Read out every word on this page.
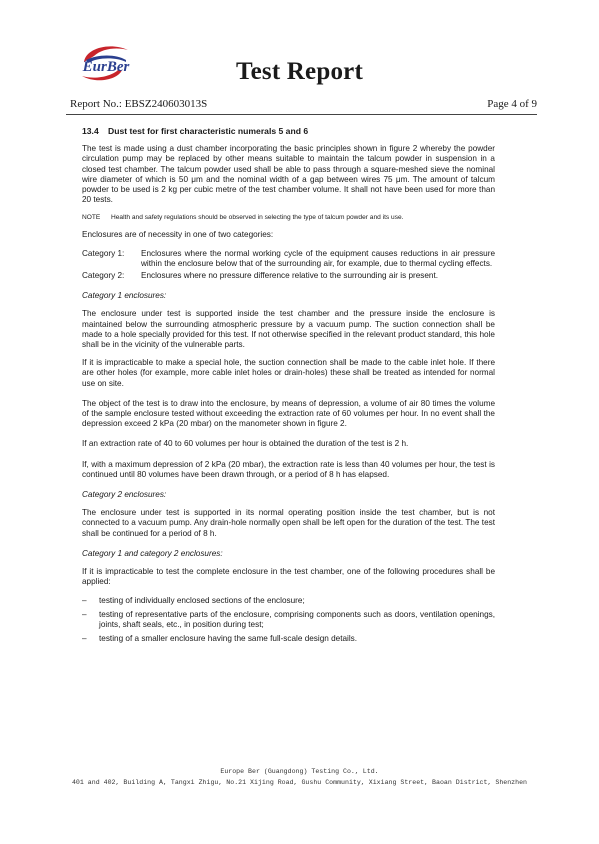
EurBer	Test Report
Report No.: EBSZ240603013S	Page 4 of 9
13.4 Dust test for first characteristic numerals 5 and 6

The test is made using a dust chamber incorporating the basic principles shown in figure 2 whereby the powder circulation pump may be replaced by other means suitable to maintain the talcum powder in suspension in a closed test chamber. The talcum powder used shall be able to pass through a square-meshed sieve the nominal wire diameter of which is 50 μm and the nominal width of a gap between wires 75 μm. The amount of talcum powder to be used is 2 kg per cubic metre of the test chamber volume. It shall not have been used for more than 20 tests.

NOTE Health and safety regulations should be observed in selecting the type of talcum powder and its use.

Enclosures are of necessity in one of two categories:

Category 1:	Enclosures where the normal working cycle of the equipment causes reductions in air pressure within the enclosure below that of the surrounding air, for example, due to thermal cycling effects.
Category 2:	Enclosures where no pressure difference relative to the surrounding air is present.
Category 1 enclosures:

The enclosure under test is supported inside the test chamber and the pressure inside the enclosure is maintained below the surrounding atmospheric pressure by a vacuum pump. The suction connection shall be made to a hole specially provided for this test. If not otherwise specified in the relevant product standard, this hole shall be in the vicinity of the vulnerable parts.

If it is impracticable to make a special hole, the suction connection shall be made to the cable inlet hole. If there are other holes (for example, more cable inlet holes or drain-holes) these shall be treated as intended for normal use on site.

The object of the test is to draw into the enclosure, by means of depression, a volume of air 80 times the volume of the sample enclosure tested without exceeding the extraction rate of 60 volumes per hour. In no event shall the depression exceed 2 kPa (20 mbar) on the manometer shown in figure 2.

If an extraction rate of 40 to 60 volumes per hour is obtained the duration of the test is 2 h.

If, with a maximum depression of 2 kPa (20 mbar), the extraction rate is less than 40 volumes per hour, the test is continued until 80 volumes have been drawn through, or a period of 8 h has elapsed.

Category 2 enclosures:

The enclosure under test is supported in its normal operating position inside the test chamber, but is not connected to a vacuum pump. Any drain-hole normally open shall be left open for the duration of the test. The test shall be continued for a period of 8 h.

Category 1 and category 2 enclosures:

If it is impracticable to test the complete enclosure in the test chamber, one of the following procedures shall be applied:

–	testing of individually enclosed sections of the enclosure;
–	testing of representative parts of the enclosure, comprising components such as doors, ventilation openings, joints, shaft seals, etc., in position during test;
–	testing of a smaller enclosure having the same full-scale design details.
Europe Ber (Guangdong) Testing Co., Ltd.
401 and 402, Building A, Tangxi Zhigu, No.21 Xijing Road, Gushu Community, Xixiang Street, Baoan District, Shenzhen
